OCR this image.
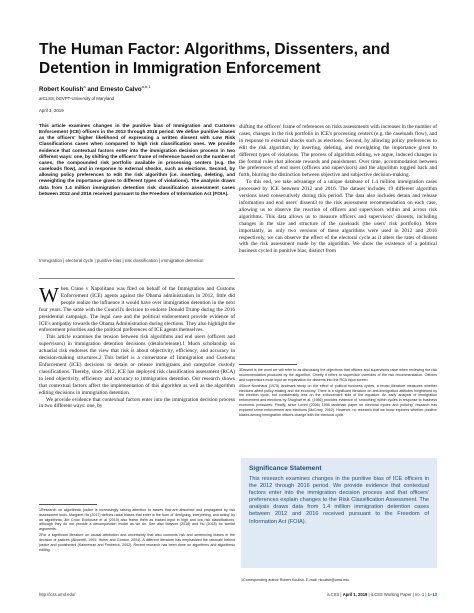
The Human Factor: Algorithms, Dissenters, and Detention in Immigration Enforcement
Robert Koulish$^a$ and Ernesto Calvo$^{a,b,1}$
aICLSS; bGVPT-University of Maryland
April 1, 2019
This article examines changes in the punitive bias of Immigration and Customs Enforcement (ICE) officers in the 2012 through 2016 period. We define punitive biases as the officers' higher likelihood of expressing a written dissent with Low Risk Classifications cases when compared to high risk classification ones. We provide evidence that contextual factors enter into the immigration decision process in two different ways: one, by shifting the officers' frame of reference based on the number of cases, the compounded risk portfolio available in processing centers (e.g. the caseloads flow), and in response to external shocks, such as elections. Second, by allowing policy preferences to edit the risk algorithm (i.e. inserting, deleting, and reweighting the importance given to different types of violations). The analysis draws data from 1.4 million immigration detention risk classification assessment cases between 2012 and 2016 received pursuant to the Freedom of Information Act (FOIA).
Immigration | electoral cycle | punitive bias | risk classification | immigration detention

When Crane v Napolitano was filed on behalf of the Immigration and Customs Enforcement (ICE) agents against the Obama administration in 2012, little did people realize the influence it would have over immigration detention in the next four years. The same with the Council's decision to endorse Donald Trump during the 2016 presidential campaign. The legal case and the political endorsement provide evidence of ICE's antipathy towards the Obama Administration during elections. They also highlight the enforcement priorities and the political preferences of ICE agents themselves.

This article examines the tension between risk algorithms and end users (officers and supervisors) in immigration detention decisions (detain/release).1 Much scholarship on actuarial risk endorses the view that risk is about objectivity, efficiency, and accuracy in decision-making structures.2 This belief is a cornerstone of Immigration and Customs Enforcement (ICE) decisions to detain or release immigrants and categorize custody classifications. Thereby, since 2012, ICE has deployed risk classification assessment (RCA) to lend objectivity, efficiency and accuracy to immigration detention. Our research shows that contextual factors affect the implementation of this algorithm as well as the algorithm editing decisions in immigration detention.

We provide evidence that contextual factors enter into the immigration decision process in two different ways: one, by

1Research on algorithmic justice is increasingly raising attention to biases that are absorbed and propagated by risk assessment tools. Margaret Hu (2017) defines racial biases that enter in the form of 'designing, interpreting, and acting' by an algorithmic Jim Crow. Eckhouse et al (2019) also frame them as biased input in high and low risk classifications, although they do not provide a decomposition model as we do. See also Mayson (2018) and Hu (2018) for similar arguments.

2For a significant literature on causal attribution and uncertainty that also connects risk and sentencing biases in the decision of justices (Albonetti, 1991; Huber and Gordon, 2004). A different literature has emphasized the rationale behind justice and punishment (Kahneman and Frederick, 2002). Recent research has been done on algorithms and algorithmic editing.

shifting the officers' frame of references on risks assessments with increases in the number of cases, changes in the risk portfolio in ICE's processing centers (e.g. the caseloads flow), and in response to external shocks such as elections. Second, by allowing policy preferences to edit the risk algorithm, by inserting, deleting, and reweighting the importance given to different types of violations. The process of algorithm editing, we argue, induced changes in the formal rules that allocate rewards and punishment. Over time, accommodation between the preferences of end users (officers and supervisors) and the algorithm toggled back and forth, blurring the distinction between objective and subjective decision-making.

To this end, we take advantage of a unique database of 1.4 million immigration cases processed by ICE between 2012 and 2016. The dataset includes 19 different algorithm versions used consecutively during this period. The data also includes detain and release information and end users' dissent3 to the risk assessment recommendation on each case, allowing us to observe the reaction of officers and supervisors within and across risk algorithms. This data allows us to measure officers and supervisors' dissents, including changes in the size and structure of the caseloads (the users' risk portfolio). More importantly, as only two versions of these algorithms were used in 2012 and 2016 respectively, we can observe the effect of the electoral cycle as it alters the rates of dissent with the risk assessment made by the algorithm. We show the existence of a political business cycle4 in punitive bias, distinct from

3Dissent is the word we will refer to as discussing the objections that officers and supervisors raise when reviewing the risk recommendation produced by the algorithm. Chiefly it refers to supervisor overrides of the risk recommendation. Officers and supervisors must input an explanation for dissents into the RCA input screen.

4Since Nordhaus (1975) landmark study on the effect of political business cycles, a broad literature measures whether elections affect policy-making and the economy. There is a significant literature on anti-immigration attitudes heightened by the election cycle, but considerably less on the enforcement side of the equation. An early analysis of immigration enforcement and elections by Shughart et al. (1986) provides evidence of 'smoothing' within cycles in response to business economic pressures. Finally, since Lovell (2006) 1995 landmark paper on electoral cycles and policing, research has explored crime enforcement and elections (McCrary, 2002). However, no research that we know explores whether punitive biases among immigration officers change with the electoral cycle.

Significance Statement
This research examines changes in the punitive bias of ICE officers in the 2012 through 2016 period. We provide evidence that contextual factors enter into the immigration decision process and that officers' preferences explain changes to the Risk Classification Assessment. The analysis draws data from 1.4 million immigration detention cases between 2012 and 2016 received pursuant to the Freedom of Information Act (FOIA).
1Corresponding author Robert Koulish. E-mail: rkoulish@umd.edu
http://icss.umd.edu/	iLCSS | April 1, 2019 | iLCSS Working Paper | no. 1 | 1–13
